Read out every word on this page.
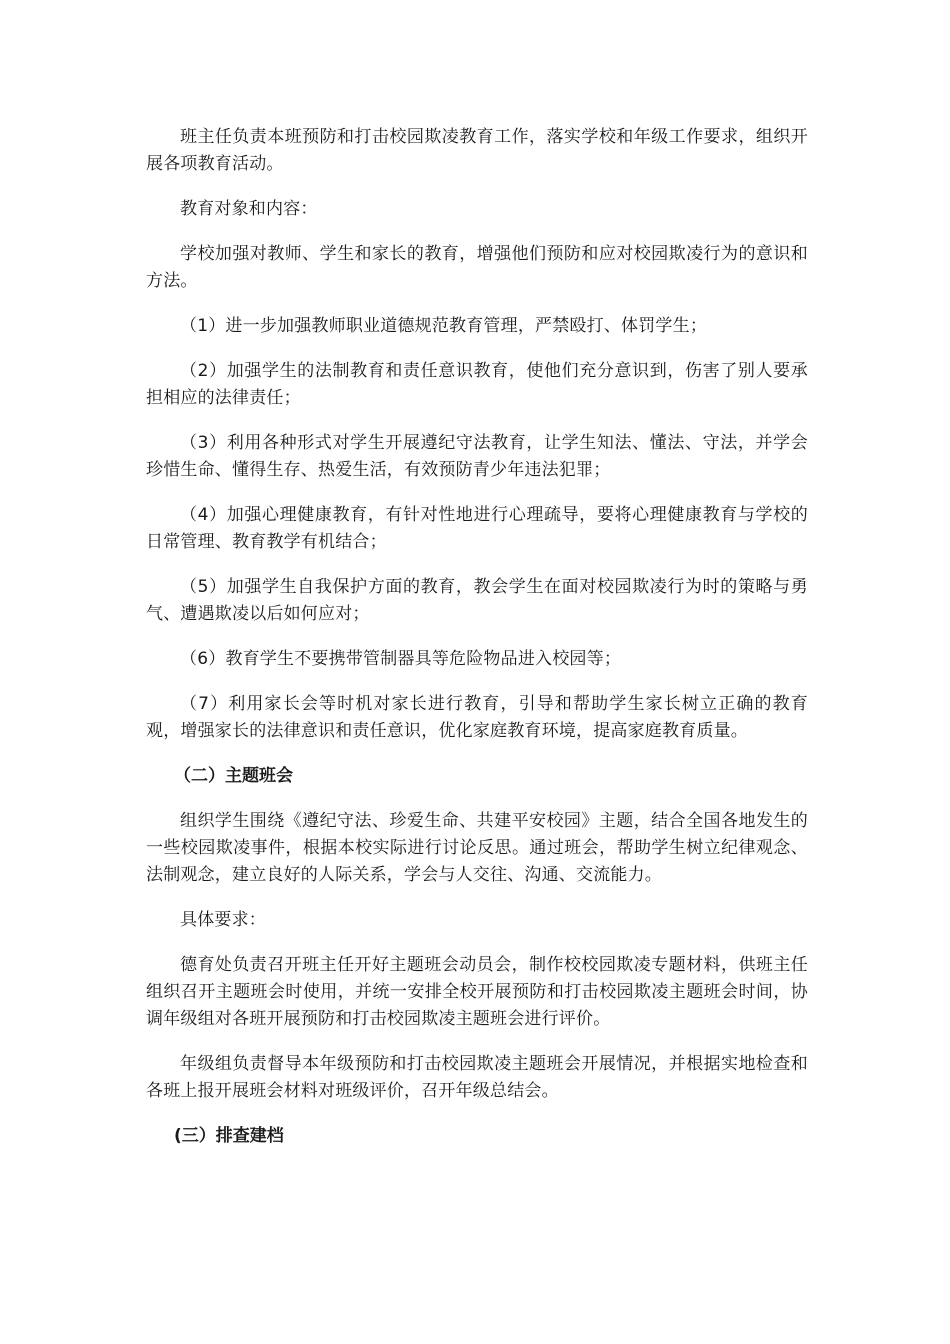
班主任负责本班预防和打击校园欺凌教育工作，落实学校和年级工作要求，组织开展各项教育活动。

教育对象和内容：

学校加强对教师、学生和家长的教育，增强他们预防和应对校园欺凌行为的意识和方法。

（1）进一步加强教师职业道德规范教育管理，严禁殴打、体罚学生；

（2）加强学生的法制教育和责任意识教育，使他们充分意识到，伤害了别人要承担相应的法律责任；

（3）利用各种形式对学生开展遵纪守法教育，让学生知法、懂法、守法，并学会珍惜生命、懂得生存、热爱生活，有效预防青少年违法犯罪；

（4）加强心理健康教育，有针对性地进行心理疏导，要将心理健康教育与学校的日常管理、教育教学有机结合；

（5）加强学生自我保护方面的教育，教会学生在面对校园欺凌行为时的策略与勇气、遭遇欺凌以后如何应对；

（6）教育学生不要携带管制器具等危险物品进入校园等；

（7）利用家长会等时机对家长进行教育，引导和帮助学生家长树立正确的教育观，增强家长的法律意识和责任意识，优化家庭教育环境，提高家庭教育质量。

（二）主题班会

组织学生围绕《遵纪守法、珍爱生命、共建平安校园》主题，结合全国各地发生的一些校园欺凌事件，根据本校实际进行讨论反思。通过班会，帮助学生树立纪律观念、法制观念，建立良好的人际关系，学会与人交往、沟通、交流能力。

具体要求：

德育处负责召开班主任开好主题班会动员会，制作校校园欺凌专题材料，供班主任组织召开主题班会时使用，并统一安排全校开展预防和打击校园欺凌主题班会时间，协调年级组对各班开展预防和打击校园欺凌主题班会进行评价。

年级组负责督导本年级预防和打击校园欺凌主题班会开展情况，并根据实地检查和各班上报开展班会材料对班级评价，召开年级总结会。

(三）排查建档
